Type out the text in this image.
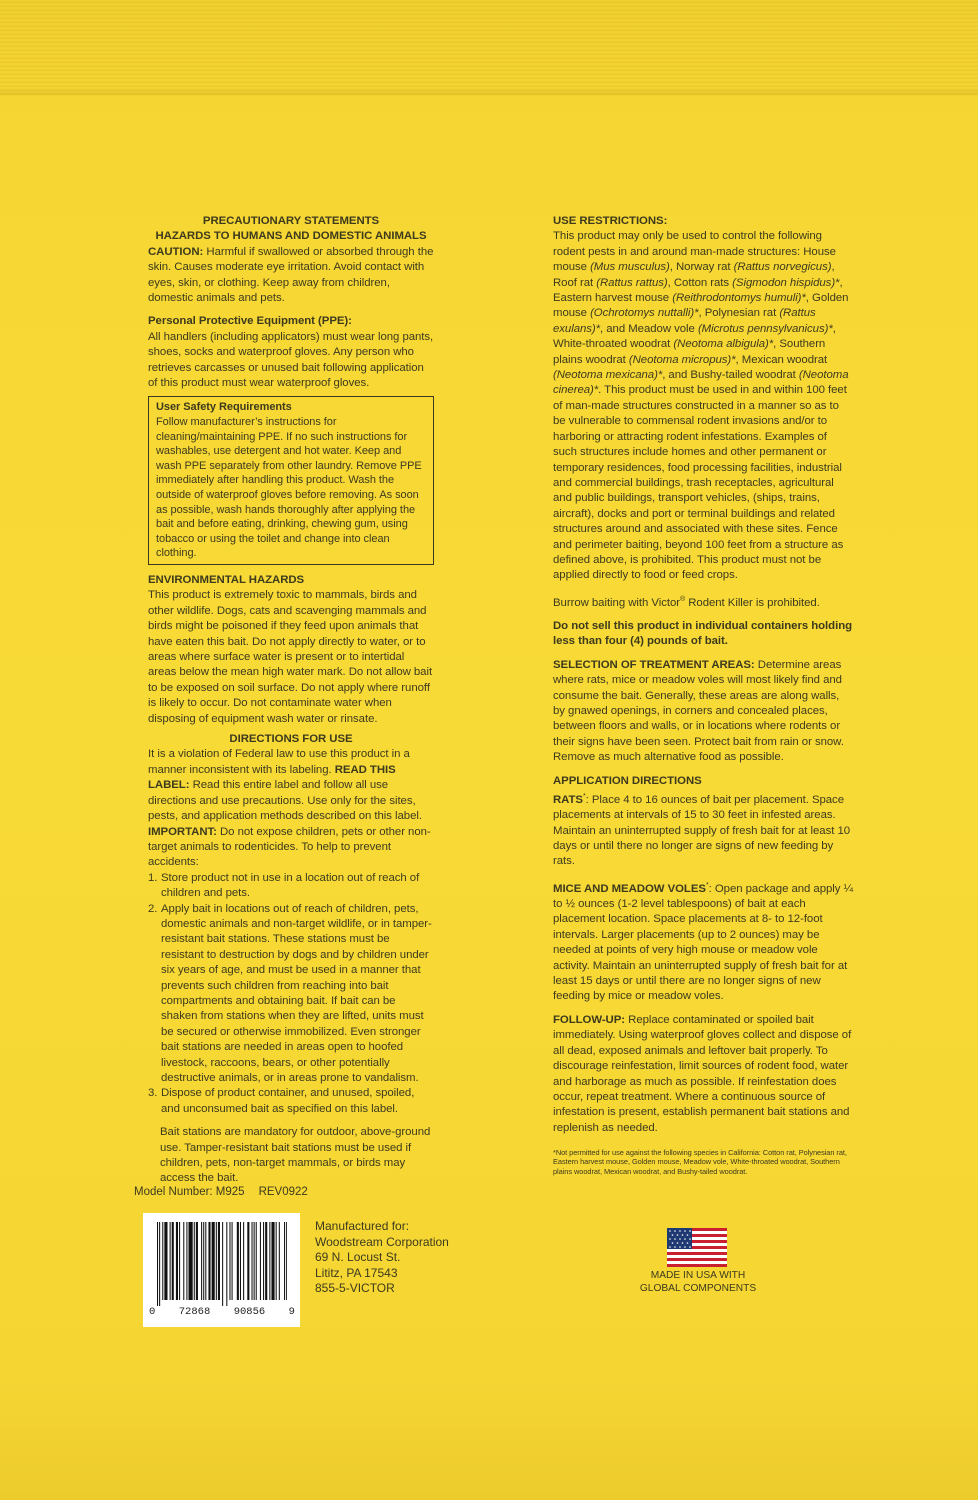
PRECAUTIONARY STATEMENTS

HAZARDS TO HUMANS AND DOMESTIC ANIMALS

CAUTION: Harmful if swallowed or absorbed through the skin. Causes moderate eye irritation. Avoid contact with eyes, skin, or clothing. Keep away from children, domestic animals and pets.

Personal Protective Equipment (PPE):

All handlers (including applicators) must wear long pants, shoes, socks and waterproof gloves. Any person who retrieves carcasses or unused bait following application of this product must wear waterproof gloves.

User Safety Requirements

Follow manufacturer’s instructions for cleaning/maintaining PPE. If no such instructions for washables, use detergent and hot water. Keep and wash PPE separately from other laundry. Remove PPE immediately after handling this product. Wash the outside of waterproof gloves before removing. As soon as possible, wash hands thoroughly after applying the bait and before eating, drinking, chewing gum, using tobacco or using the toilet and change into clean clothing.

ENVIRONMENTAL HAZARDS

This product is extremely toxic to mammals, birds and other wildlife. Dogs, cats and scavenging mammals and birds might be poisoned if they feed upon animals that have eaten this bait. Do not apply directly to water, or to areas where surface water is present or to intertidal areas below the mean high water mark. Do not allow bait to be exposed on soil surface. Do not apply where runoff is likely to occur. Do not contaminate water when disposing of equipment wash water or rinsate.

DIRECTIONS FOR USE

It is a violation of Federal law to use this product in a manner inconsistent with its labeling. READ THIS LABEL: Read this entire label and follow all use directions and use precautions. Use only for the sites, pests, and application methods described on this label.

IMPORTANT: Do not expose children, pets or other non-target animals to rodenticides. To help to prevent accidents:

1. Store product not in use in a location out of reach of children and pets.
2. Apply bait in locations out of reach of children, pets, domestic animals and non-target wildlife, or in tamper-resistant bait stations. These stations must be resistant to destruction by dogs and by children under six years of age, and must be used in a manner that prevents such children from reaching into bait compartments and obtaining bait. If bait can be shaken from stations when they are lifted, units must be secured or otherwise immobilized. Even stronger bait stations are needed in areas open to hoofed livestock, raccoons, bears, or other potentially destructive animals, or in areas prone to vandalism.
3. Dispose of product container, and unused, spoiled, and unconsumed bait as specified on this label.

Bait stations are mandatory for outdoor, above-ground use. Tamper-resistant bait stations must be used if children, pets, non-target mammals, or birds may access the bait.

USE RESTRICTIONS:

This product may only be used to control the following rodent pests in and around man-made structures: House mouse (Mus musculus), Norway rat (Rattus norvegicus), Roof rat (Rattus rattus), Cotton rats (Sigmodon hispidus)*, Eastern harvest mouse (Reithrodontomys humuli)*, Golden mouse (Ochrotomys nuttalli)*, Polynesian rat (Rattus exulans)*, and Meadow vole (Microtus pennsylvanicus)*, White-throated woodrat (Neotoma albigula)*, Southern plains woodrat (Neotoma micropus)*, Mexican woodrat (Neotoma mexicana)*, and Bushy-tailed woodrat (Neotoma cinerea)*. This product must be used in and within 100 feet of man-made structures constructed in a manner so as to be vulnerable to commensal rodent invasions and/or to harboring or attracting rodent infestations. Examples of such structures include homes and other permanent or temporary residences, food processing facilities, industrial and commercial buildings, trash receptacles, agricultural and public buildings, transport vehicles, (ships, trains, aircraft), docks and port or terminal buildings and related structures around and associated with these sites. Fence and perimeter baiting, beyond 100 feet from a structure as defined above, is prohibited. This product must not be applied directly to food or feed crops.

Burrow baiting with Victor® Rodent Killer is prohibited.

Do not sell this product in individual containers holding less than four (4) pounds of bait.

SELECTION OF TREATMENT AREAS: Determine areas where rats, mice or meadow voles will most likely find and consume the bait. Generally, these areas are along walls, by gnawed openings, in corners and concealed places, between floors and walls, or in locations where rodents or their signs have been seen. Protect bait from rain or snow. Remove as much alternative food as possible.

APPLICATION DIRECTIONS

RATS*: Place 4 to 16 ounces of bait per placement. Space placements at intervals of 15 to 30 feet in infested areas. Maintain an uninterrupted supply of fresh bait for at least 10 days or until there no longer are signs of new feeding by rats.

MICE AND MEADOW VOLES*: Open package and apply ¼ to ½ ounces (1-2 level tablespoons) of bait at each placement location. Space placements at 8- to 12-foot intervals. Larger placements (up to 2 ounces) may be needed at points of very high mouse or meadow vole activity. Maintain an uninterrupted supply of fresh bait for at least 15 days or until there are no longer signs of new feeding by mice or meadow voles.

FOLLOW-UP: Replace contaminated or spoiled bait immediately. Using waterproof gloves collect and dispose of all dead, exposed animals and leftover bait properly. To discourage reinfestation, limit sources of rodent food, water and harborage as much as possible. If reinfestation does occur, repeat treatment. Where a continuous source of infestation is present, establish permanent bait stations and replenish as needed.

*Not permitted for use against the following species in California: Cotton rat, Polynesian rat, Eastern harvest mouse, Golden mouse, Meadow vole, White-throated woodrat, Southern plains woodrat, Mexican woodrat, and Bushy-tailed woodrat.

Model Number: M925 REV0922
0 72868 90856 9
Manufactured for:
Woodstream Corporation
69 N. Locust St.
Lititz, PA 17543
855-5-VICTOR
MADE IN USA WITH
GLOBAL COMPONENTS
